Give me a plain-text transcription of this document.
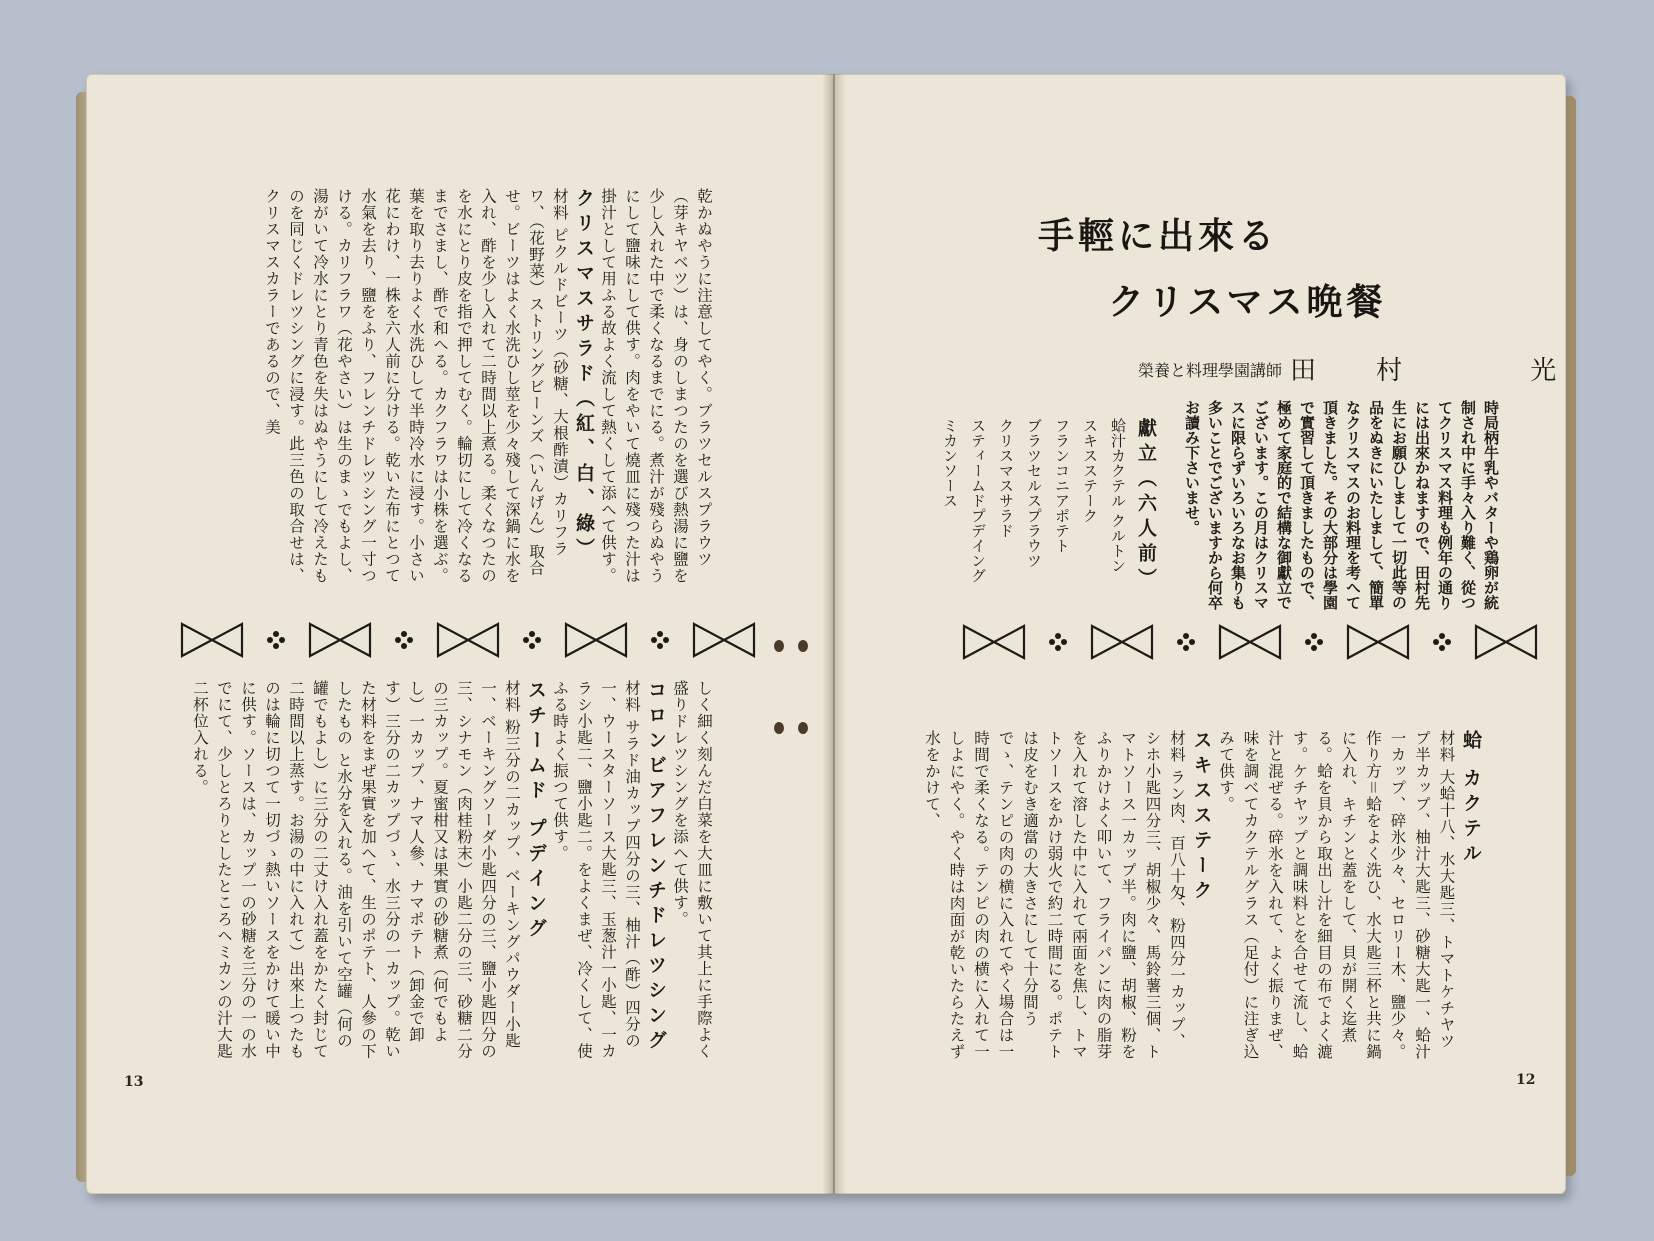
手輕に出來る
クリスマス晩餐
榮養と料理學園講師 田村 光
時局柄牛乳やバターや鶏卵が統制され中に手々入り難く、從つてクリスマス料理も例年の通りには出來かねますので、田村先生にお願ひしまして一切此等の品をぬきにいたしまして、簡單なクリスマスのお料理を考へて頂きました。その大部分は學園で實習して頂きましたもので、極めて家庭的で結構な御獻立でございます。この月はクリスマスに限らずいろいろなお集りも多いことでございますから何卒お讀み下さいませ。
獻立（六人前）
蛤汁カクテル クルトン
スキスステーク
フランコニアポテト
ブラツセルスプラウツ
クリスマスサラド
スティームドプデイング
ミカンソース

蛤 カクテル

材料 大蛤十八、水大匙三、トマトケチヤツプ半カップ、柚汁大匙三、砂糖大匙一、蛤汁一カップ、碎氷少々、セロリー木、鹽少々。作り方＝蛤をよく洗ひ、水大匙三杯と共に鍋に入れ、キチンと蓋をして、貝が開く迄煮る。蛤を貝から取出し汁を細目の布でよく漉す。ケチヤップと調味料とを合せて流し、蛤汁と混ぜる。碎氷を入れて、よく振りまぜ、味を調べてカクテルグラス（足付）に注ぎ込みて供す。

スキスステーク

材料 ラン肉、百八十匁、粉四分一カップ、シホ小匙四分三、胡椒少々、馬鈴薯三個、トマトソース一カップ半。肉に鹽、胡椒、粉をふりかけよく叩いて、フライパンに肉の脂芽を入れて溶した中に入れて兩面を焦し、トマトソースをかけ弱火で約二時間にる。ポテトは皮をむき適當の大きさにして十分間うでゝ、テンピの肉の横に入れてやく場合は一時間で柔くなる。テンピの肉の横に入れて一しよにやく。やく時は肉面が乾いたらたえず水をかけて、

乾かぬやうに注意してやく。ブラツセルスプラウツ（芽キヤベツ）は、身のしまつたのを選び熱湯に鹽を少し入れた中で柔くなるまでにる。煮汁が殘らぬやうにして鹽味にして供す。肉をやいて燒皿に殘つた汁は掛汁として用ふる故よく流して熱くして添へて供す。

クリスマスサラド（紅、白、綠）

材料 ピクルドビーツ（砂糖、大根酢漬）カリフラワ、（花野菜）ストリングビーンズ（いんげん）取合せ。ビーツはよく水洗ひし莖を少々殘して深鍋に水を入れ、酢を少し入れて二時間以上煮る。柔くなつたのを水にとり皮を指で押してむく。輪切にして冷くなるまでさまし、酢で和へる。カクフラワは小株を選ぶ。葉を取り去りよく水洗ひして半時冷水に浸す。小さい花にわけ、一株を六人前に分ける。乾いた布にとつて水氣を去り、鹽をふり、フレンチドレツシング一寸つける。カリフラワ（花やさい）は生のまゝでもよし、湯がいて冷水にとり青色を失はぬやうにして冷えたものを同じくドレツシングに浸す。此三色の取合せは、クリスマスカラーであるので、美

しく細く刻んだ白菜を大皿に敷いて其上に手際よく盛りドレツシングを添へて供す。

コロンビアフレンチドレツシング

材料 サラド油カップ四分の三、柚汁（酢）四分の一、ウースターソース大匙三、玉葱汁一小匙、一カラシ小匙二、鹽小匙二。をよくまぜ、冷くして、使ふる時よく振つて供す。

スチームド プデイング

材料 粉三分の二カップ、ベーキングパウダー小匙一、ベーキングソーダ小匙四分の三、鹽小匙四分の三、シナモン（肉桂粉末）小匙二分の三、砂糖二分の三カップ。夏蜜柑又は果實の砂糖煮（何でもよし）一カップ、ナマ人參、ナマポテト（卸金で卸す）三分の二カップづゝ、水三分の一カップ。乾いた材料をまぜ果實を加へて、生のポテト、人參の下したもの と水分を入れる。油を引いて空罐（何の罐でもよし）に三分の二丈け入れ蓋をかたく封じて二時間以上蒸す。お湯の中に入れて）出來上つたものは輪に切つて一切づゝ熱いソースをかけて暖い中に供す。ソースは、カップ一の砂糖を三分の一の水でにて、少しとろりとしたところヘミカンの汁大匙二杯位入れる。

13	12
